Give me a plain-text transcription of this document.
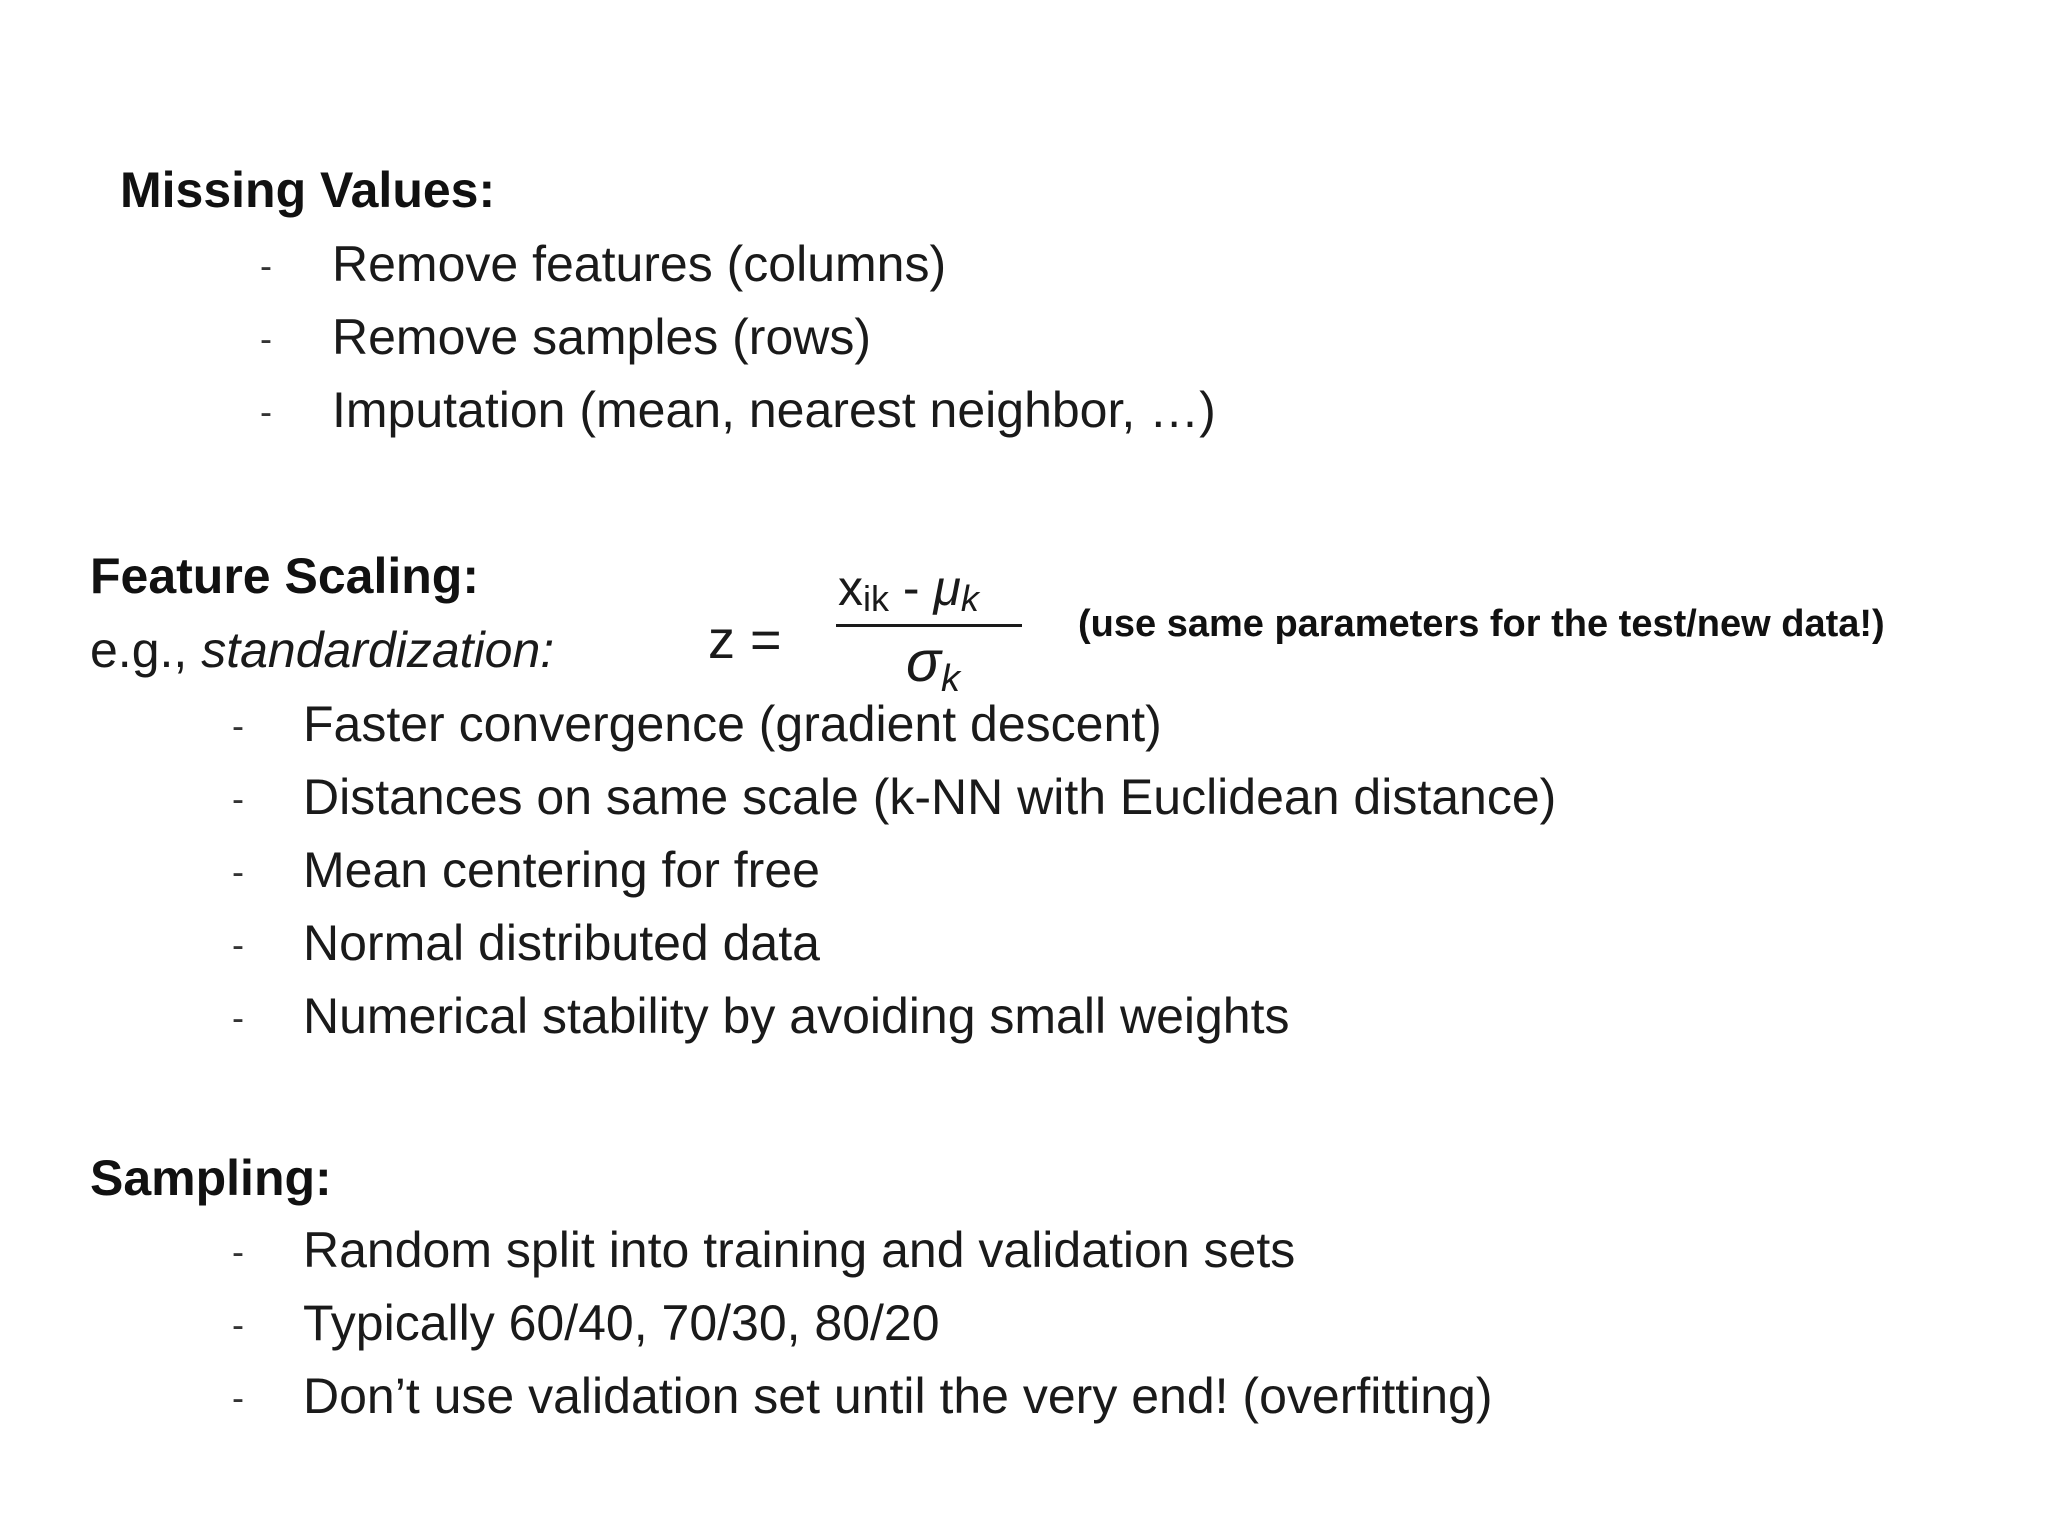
Missing Values:
- Remove features (columns)
- Remove samples (rows)
- Imputation (mean, nearest neighbor, …)
Feature Scaling:
e.g., standardization:	z =
$x_{ik} - \mu_k$
$\sigma_k$
(use same parameters for the test/new data!)
- Faster convergence (gradient descent)
- Distances on same scale (k-NN with Euclidean distance)
- Mean centering for free
- Normal distributed data
- Numerical stability by avoiding small weights
Sampling:
- Random split into training and validation sets
- Typically 60/40, 70/30, 80/20
- Don’t use validation set until the very end! (overfitting)
